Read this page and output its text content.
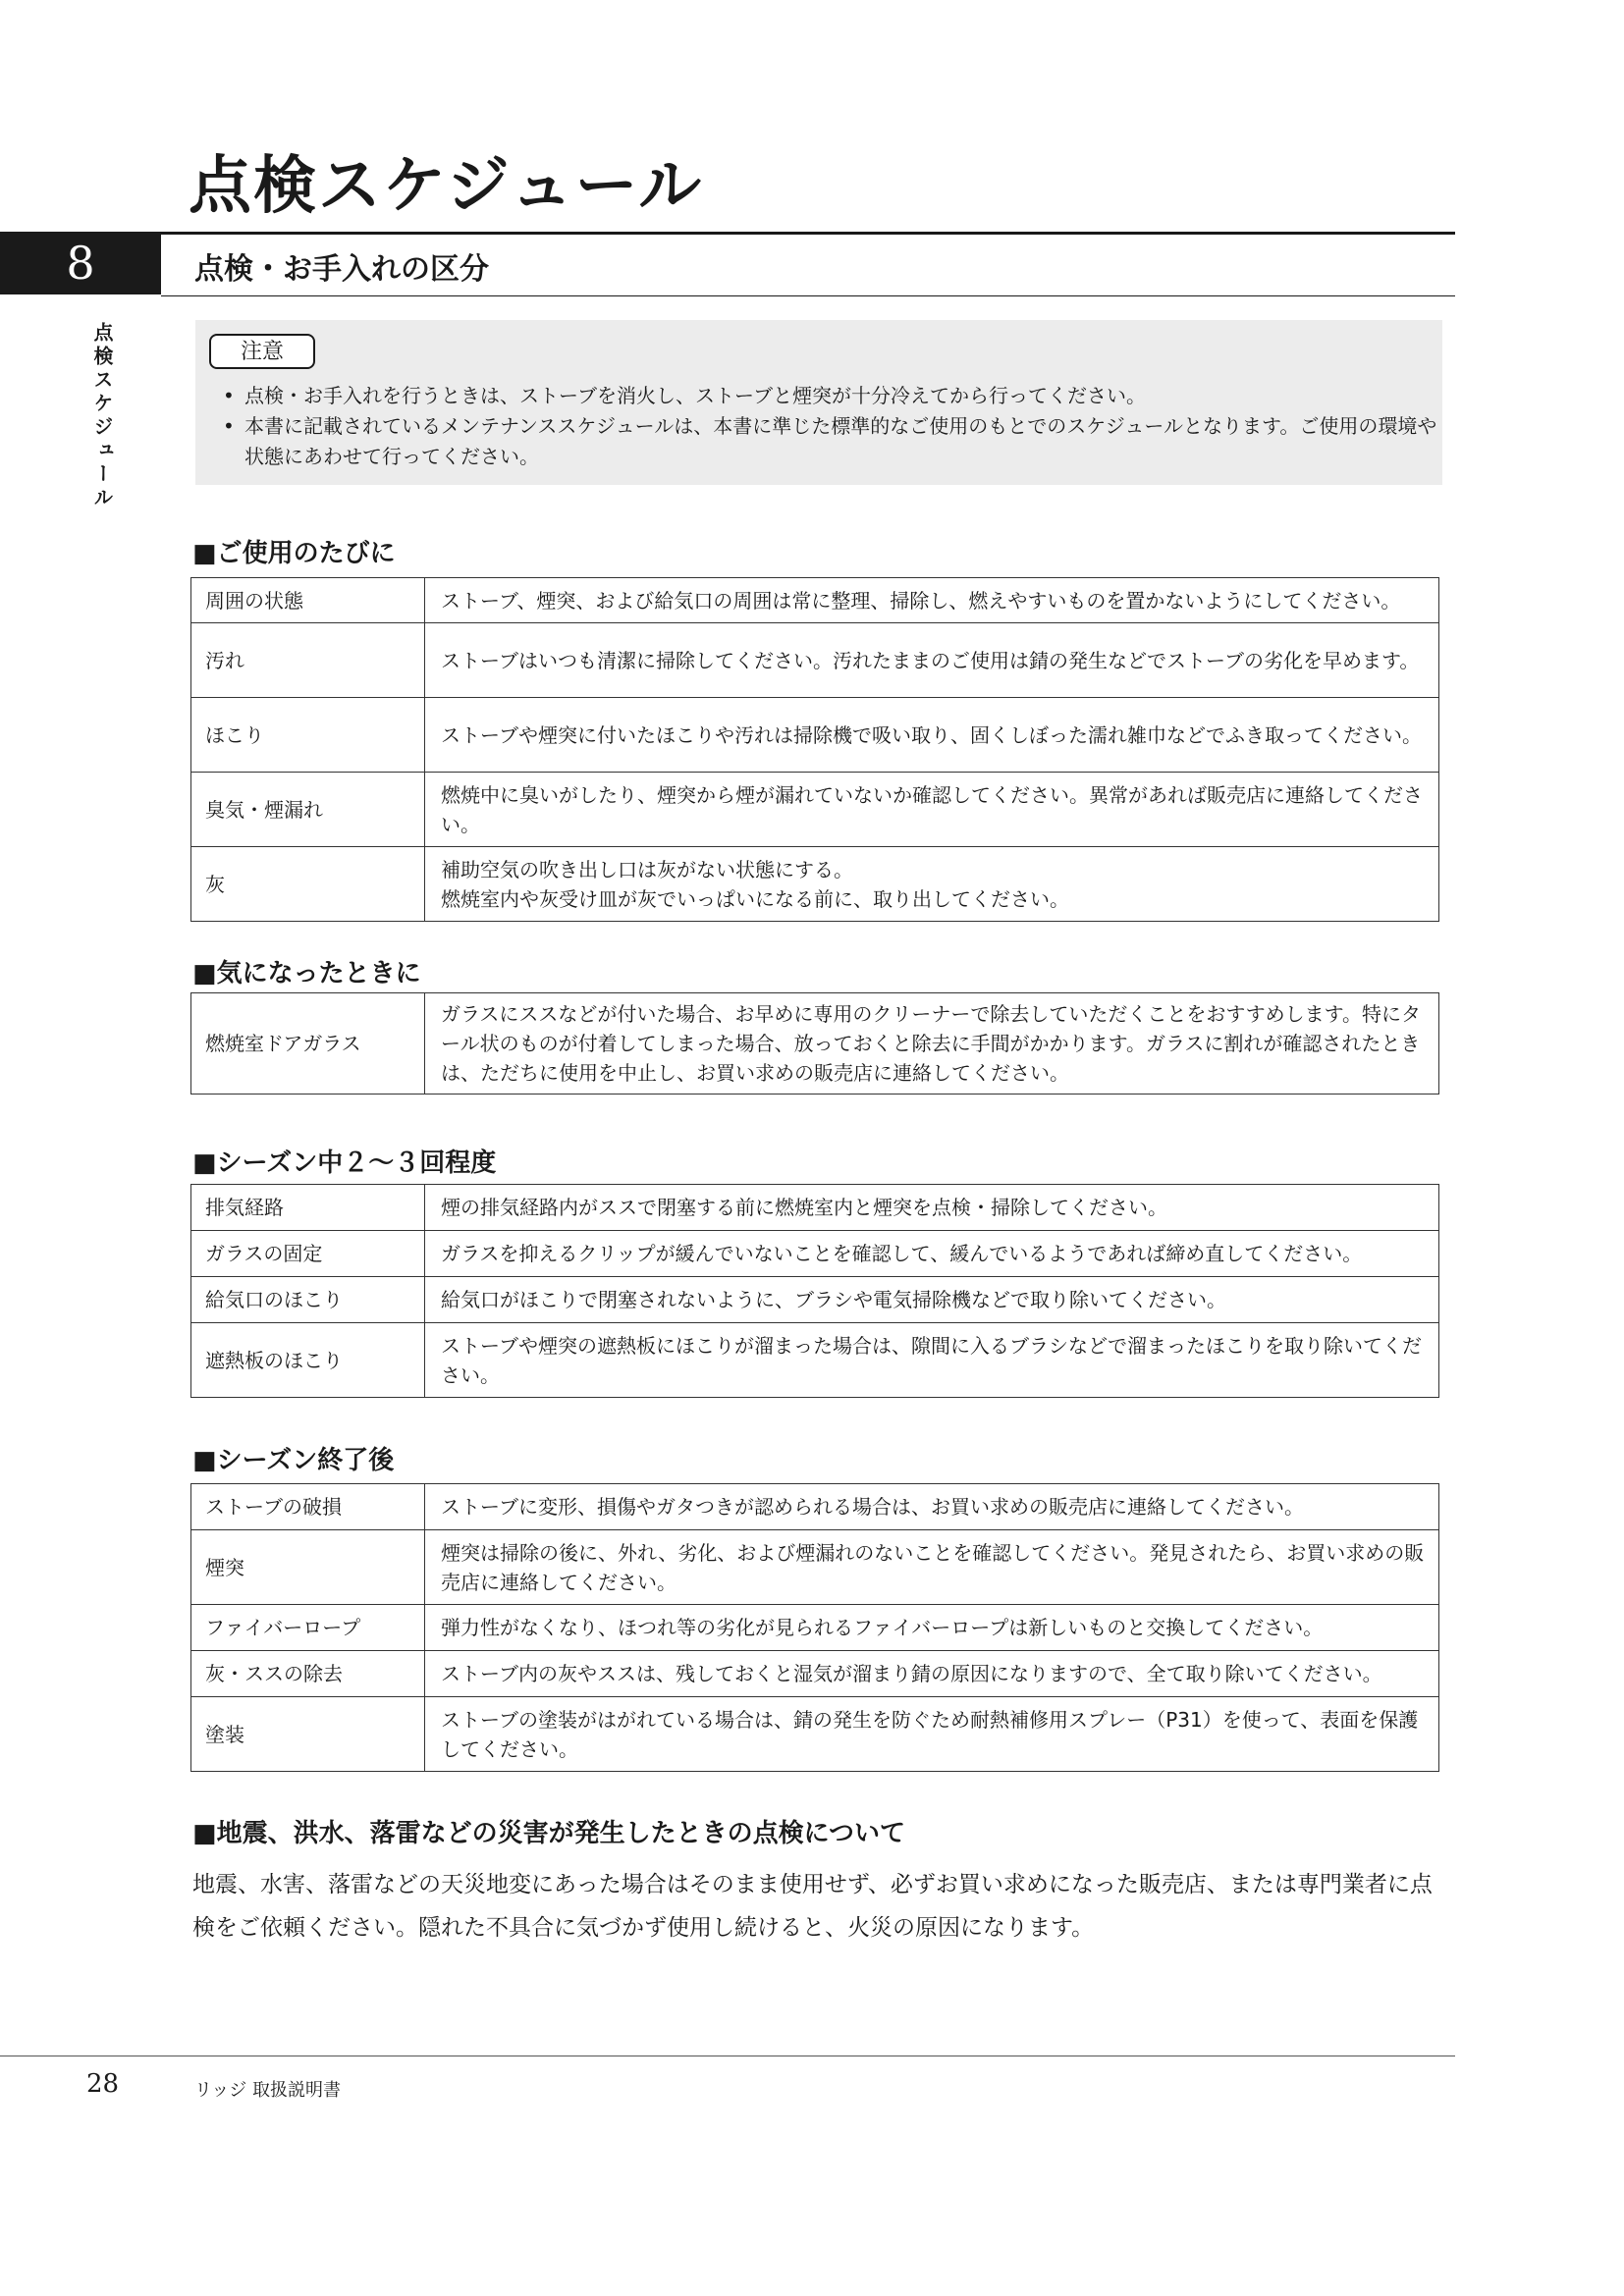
点検スケジュール
8	点検・お手入れの区分
点検スケジュール	注意
• 点検・お手入れを行うときは、ストーブを消火し、ストーブと煙突が十分冷えてから行ってください。
• 本書に記載されているメンテナンススケジュールは、本書に準じた標準的なご使用のもとでのスケジュールとなります。ご使用の環境や状態にあわせて行ってください。
■ご使用のたびに
周囲の状態	ストーブ、煙突、および給気口の周囲は常に整理、掃除し、燃えやすいものを置かないようにしてください。
汚れ	ストーブはいつも清潔に掃除してください。汚れたままのご使用は錆の発生などでストーブの劣化を早めます。
ほこり	ストーブや煙突に付いたほこりや汚れは掃除機で吸い取り、固くしぼった濡れ雑巾などでふき取ってください。
臭気・煙漏れ	燃焼中に臭いがしたり、煙突から煙が漏れていないか確認してください。異常があれば販売店に連絡してください。
灰	補助空気の吹き出し口は灰がない状態にする。
燃焼室内や灰受け皿が灰でいっぱいになる前に、取り出してください。
■気になったときに
燃焼室ドアガラス	ガラスにススなどが付いた場合、お早めに専用のクリーナーで除去していただくことをおすすめします。特にタール状のものが付着してしまった場合、放っておくと除去に手間がかかります。ガラスに割れが確認されたときは、ただちに使用を中止し、お買い求めの販売店に連絡してください。
■シーズン中２〜３回程度
排気経路	煙の排気経路内がススで閉塞する前に燃焼室内と煙突を点検・掃除してください。
ガラスの固定	ガラスを抑えるクリップが緩んでいないことを確認して、緩んでいるようであれば締め直してください。
給気口のほこり	給気口がほこりで閉塞されないように、ブラシや電気掃除機などで取り除いてください。
遮熱板のほこり	ストーブや煙突の遮熱板にほこりが溜まった場合は、隙間に入るブラシなどで溜まったほこりを取り除いてください。
■シーズン終了後
ストーブの破損	ストーブに変形、損傷やガタつきが認められる場合は、お買い求めの販売店に連絡してください。
煙突	煙突は掃除の後に、外れ、劣化、および煙漏れのないことを確認してください。発見されたら、お買い求めの販売店に連絡してください。
ファイバーロープ	弾力性がなくなり、ほつれ等の劣化が見られるファイバーロープは新しいものと交換してください。
灰・ススの除去	ストーブ内の灰やススは、残しておくと湿気が溜まり錆の原因になりますので、全て取り除いてください。
塗装	ストーブの塗装がはがれている場合は、錆の発生を防ぐため耐熱補修用スプレー（P31）を使って、表面を保護してください。
■地震、洪水、落雷などの災害が発生したときの点検について

地震、水害、落雷などの天災地変にあった場合はそのまま使用せず、必ずお買い求めになった販売店、または専門業者に点検をご依頼ください。隠れた不具合に気づかず使用し続けると、火災の原因になります。

28	リッジ 取扱説明書
